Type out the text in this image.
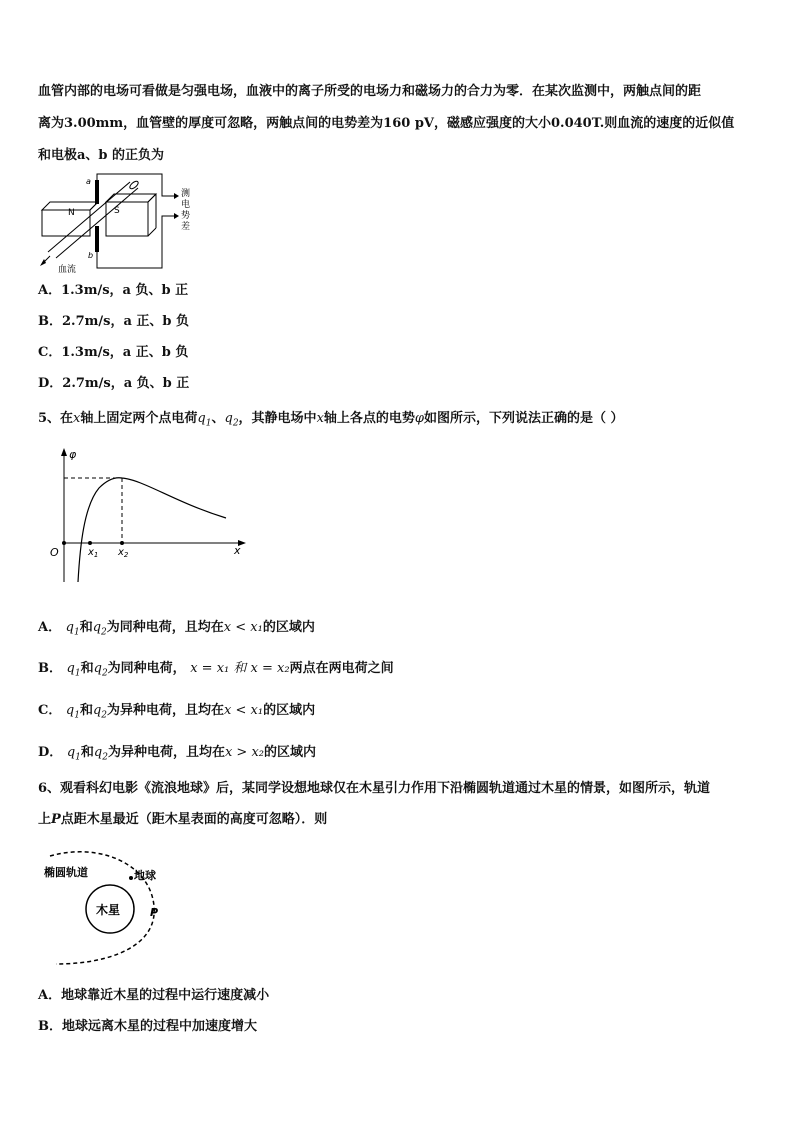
血管内部的电场可看做是匀强电场，血液中的离子所受的电场力和磁场力的合力为零．在某次监测中，两触点间的距
离为3.00mm，血管壁的厚度可忽略，两触点间的电势差为160 pV，磁感应强度的大小0.040T.则血流的速度的近似值
和电极a、b 的正负为
N	S
a
b
血流
测
电
势
差
A．1.3m/s，a 负、b 正
B．2.7m/s，a 正、b 负
C．1.3m/s，a 正、b 负
D．2.7m/s，a 负、b 正
5、在x轴上固定两个点电荷$q_1$、$q_2$，其静电场中x轴上各点的电势φ如图所示，下列说法正确的是（ ）
φ
O	$x_1$ $x_2$	x
A． $q_1$和$q_2$为同种电荷，且均在x < x₁的区域内
B． $q_1$和$q_2$为同种电荷， x = x₁ 和 x = x₂两点在两电荷之间
C． $q_1$和$q_2$为异种电荷，且均在x < x₁的区域内
D． $q_1$和$q_2$为异种电荷，且均在x > x₂的区域内
6、观看科幻电影《流浪地球》后，某同学设想地球仅在木星引力作用下沿椭圆轨道通过木星的情景，如图所示，轨道
上P点距木星最近（距木星表面的高度可忽略）．则
木星
椭圆轨道	地球
P
A．地球靠近木星的过程中运行速度减小
B．地球远离木星的过程中加速度增大
